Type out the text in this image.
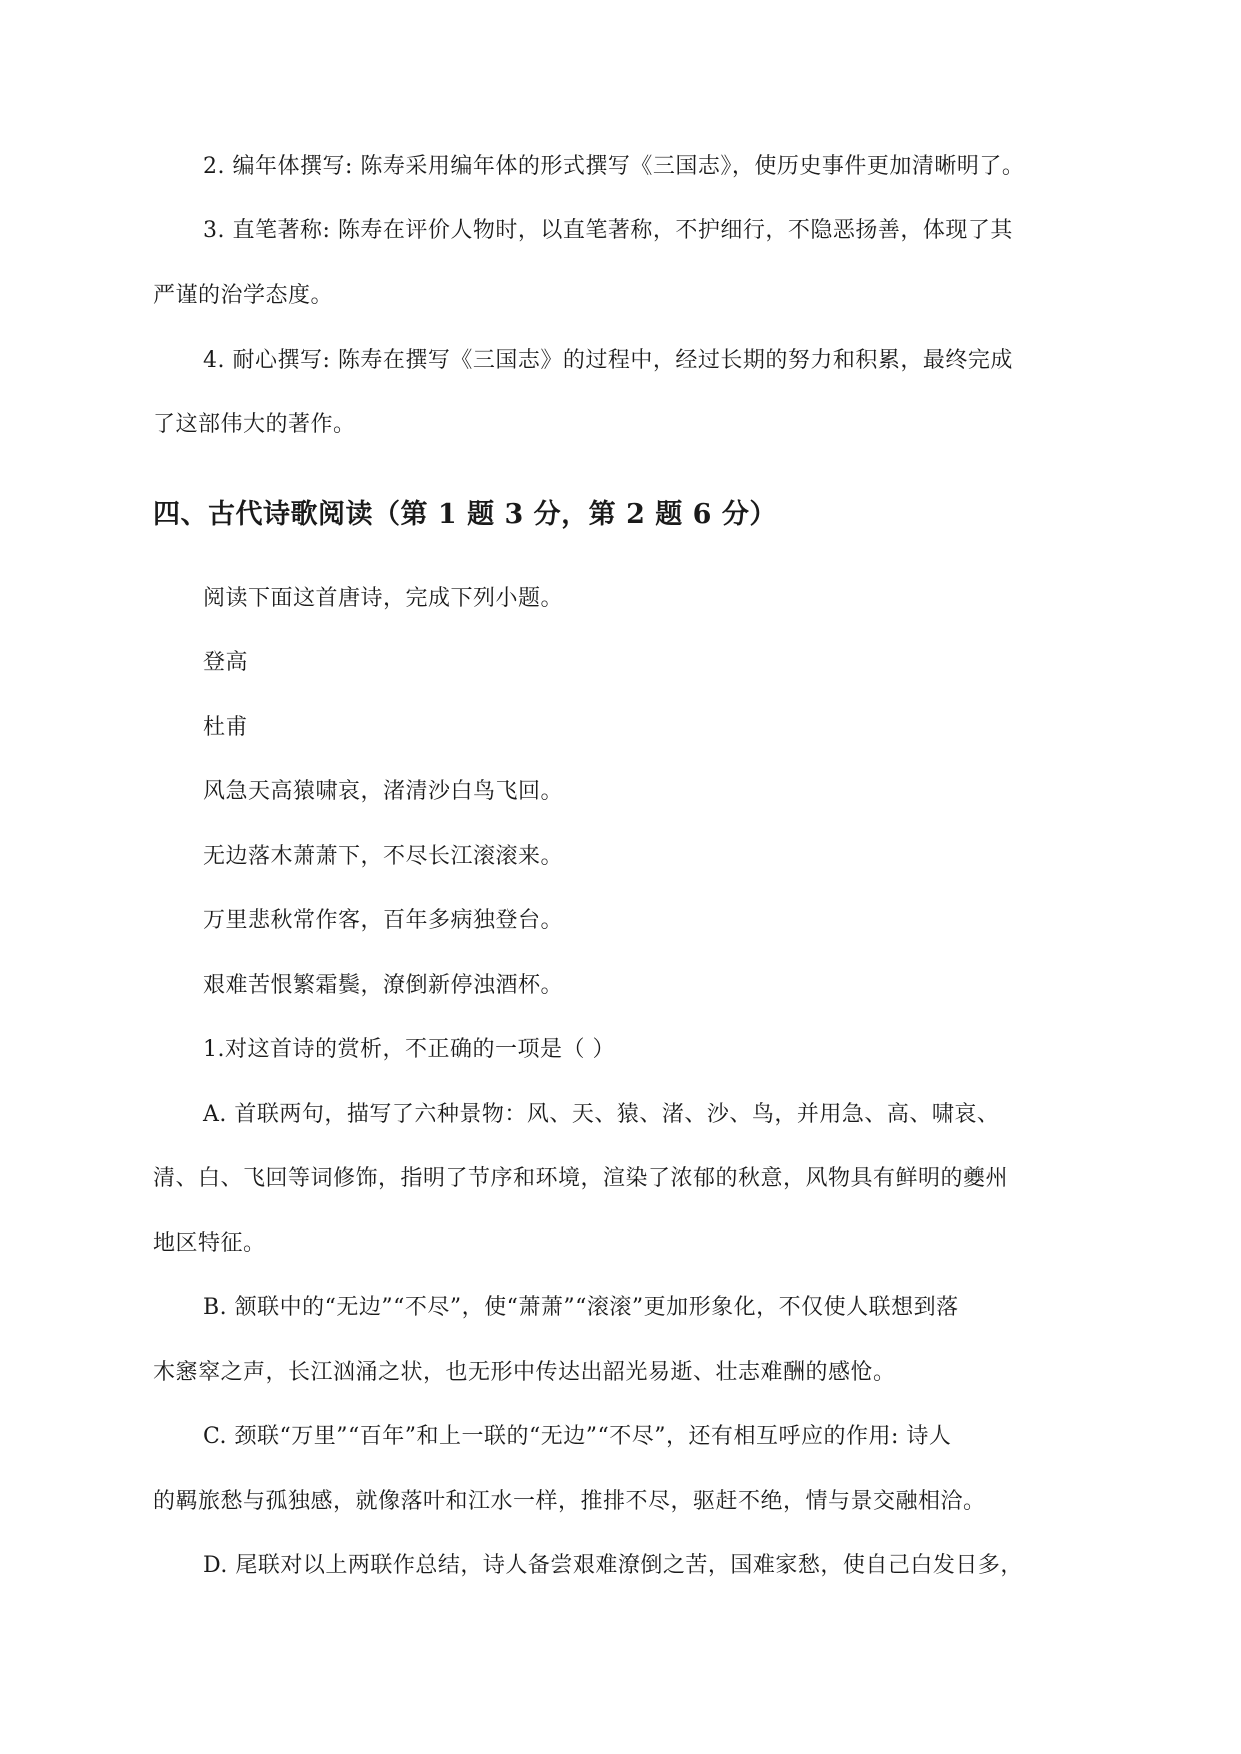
2. 编年体撰写: 陈寿采用编年体的形式撰写《三国志》，使历史事件更加清晰明了。
3. 直笔著称: 陈寿在评价人物时，以直笔著称，不护细行，不隐恶扬善，体现了其
严谨的治学态度。
4. 耐心撰写: 陈寿在撰写《三国志》的过程中，经过长期的努力和积累，最终完成
了这部伟大的著作。
四、古代诗歌阅读（第 1 题 3 分，第 2 题 6 分）
阅读下面这首唐诗，完成下列小题。
登高
杜甫
风急天高猿啸哀，渚清沙白鸟飞回。
无边落木萧萧下，不尽长江滚滚来。
万里悲秋常作客，百年多病独登台。
艰难苦恨繁霜鬓，潦倒新停浊酒杯。
1.对这首诗的赏析，不正确的一项是（ ）
A. 首联两句，描写了六种景物：风、天、猿、渚、沙、鸟，并用急、高、啸哀、
清、白、飞回等词修饰，指明了节序和环境，渲染了浓郁的秋意，风物具有鲜明的夔州
地区特征。
B. 颔联中的“无边”“不尽”，使“萧萧”“滚滚”更加形象化，不仅使人联想到落
木窸窣之声，长江汹涌之状，也无形中传达出韶光易逝、壮志难酬的感怆。
C. 颈联“万里”“百年”和上一联的“无边”“不尽”，还有相互呼应的作用: 诗人
的羁旅愁与孤独感，就像落叶和江水一样，推排不尽，驱赶不绝，情与景交融相洽。
D. 尾联对以上两联作总结，诗人备尝艰难潦倒之苦，国难家愁，使自己白发日多，
